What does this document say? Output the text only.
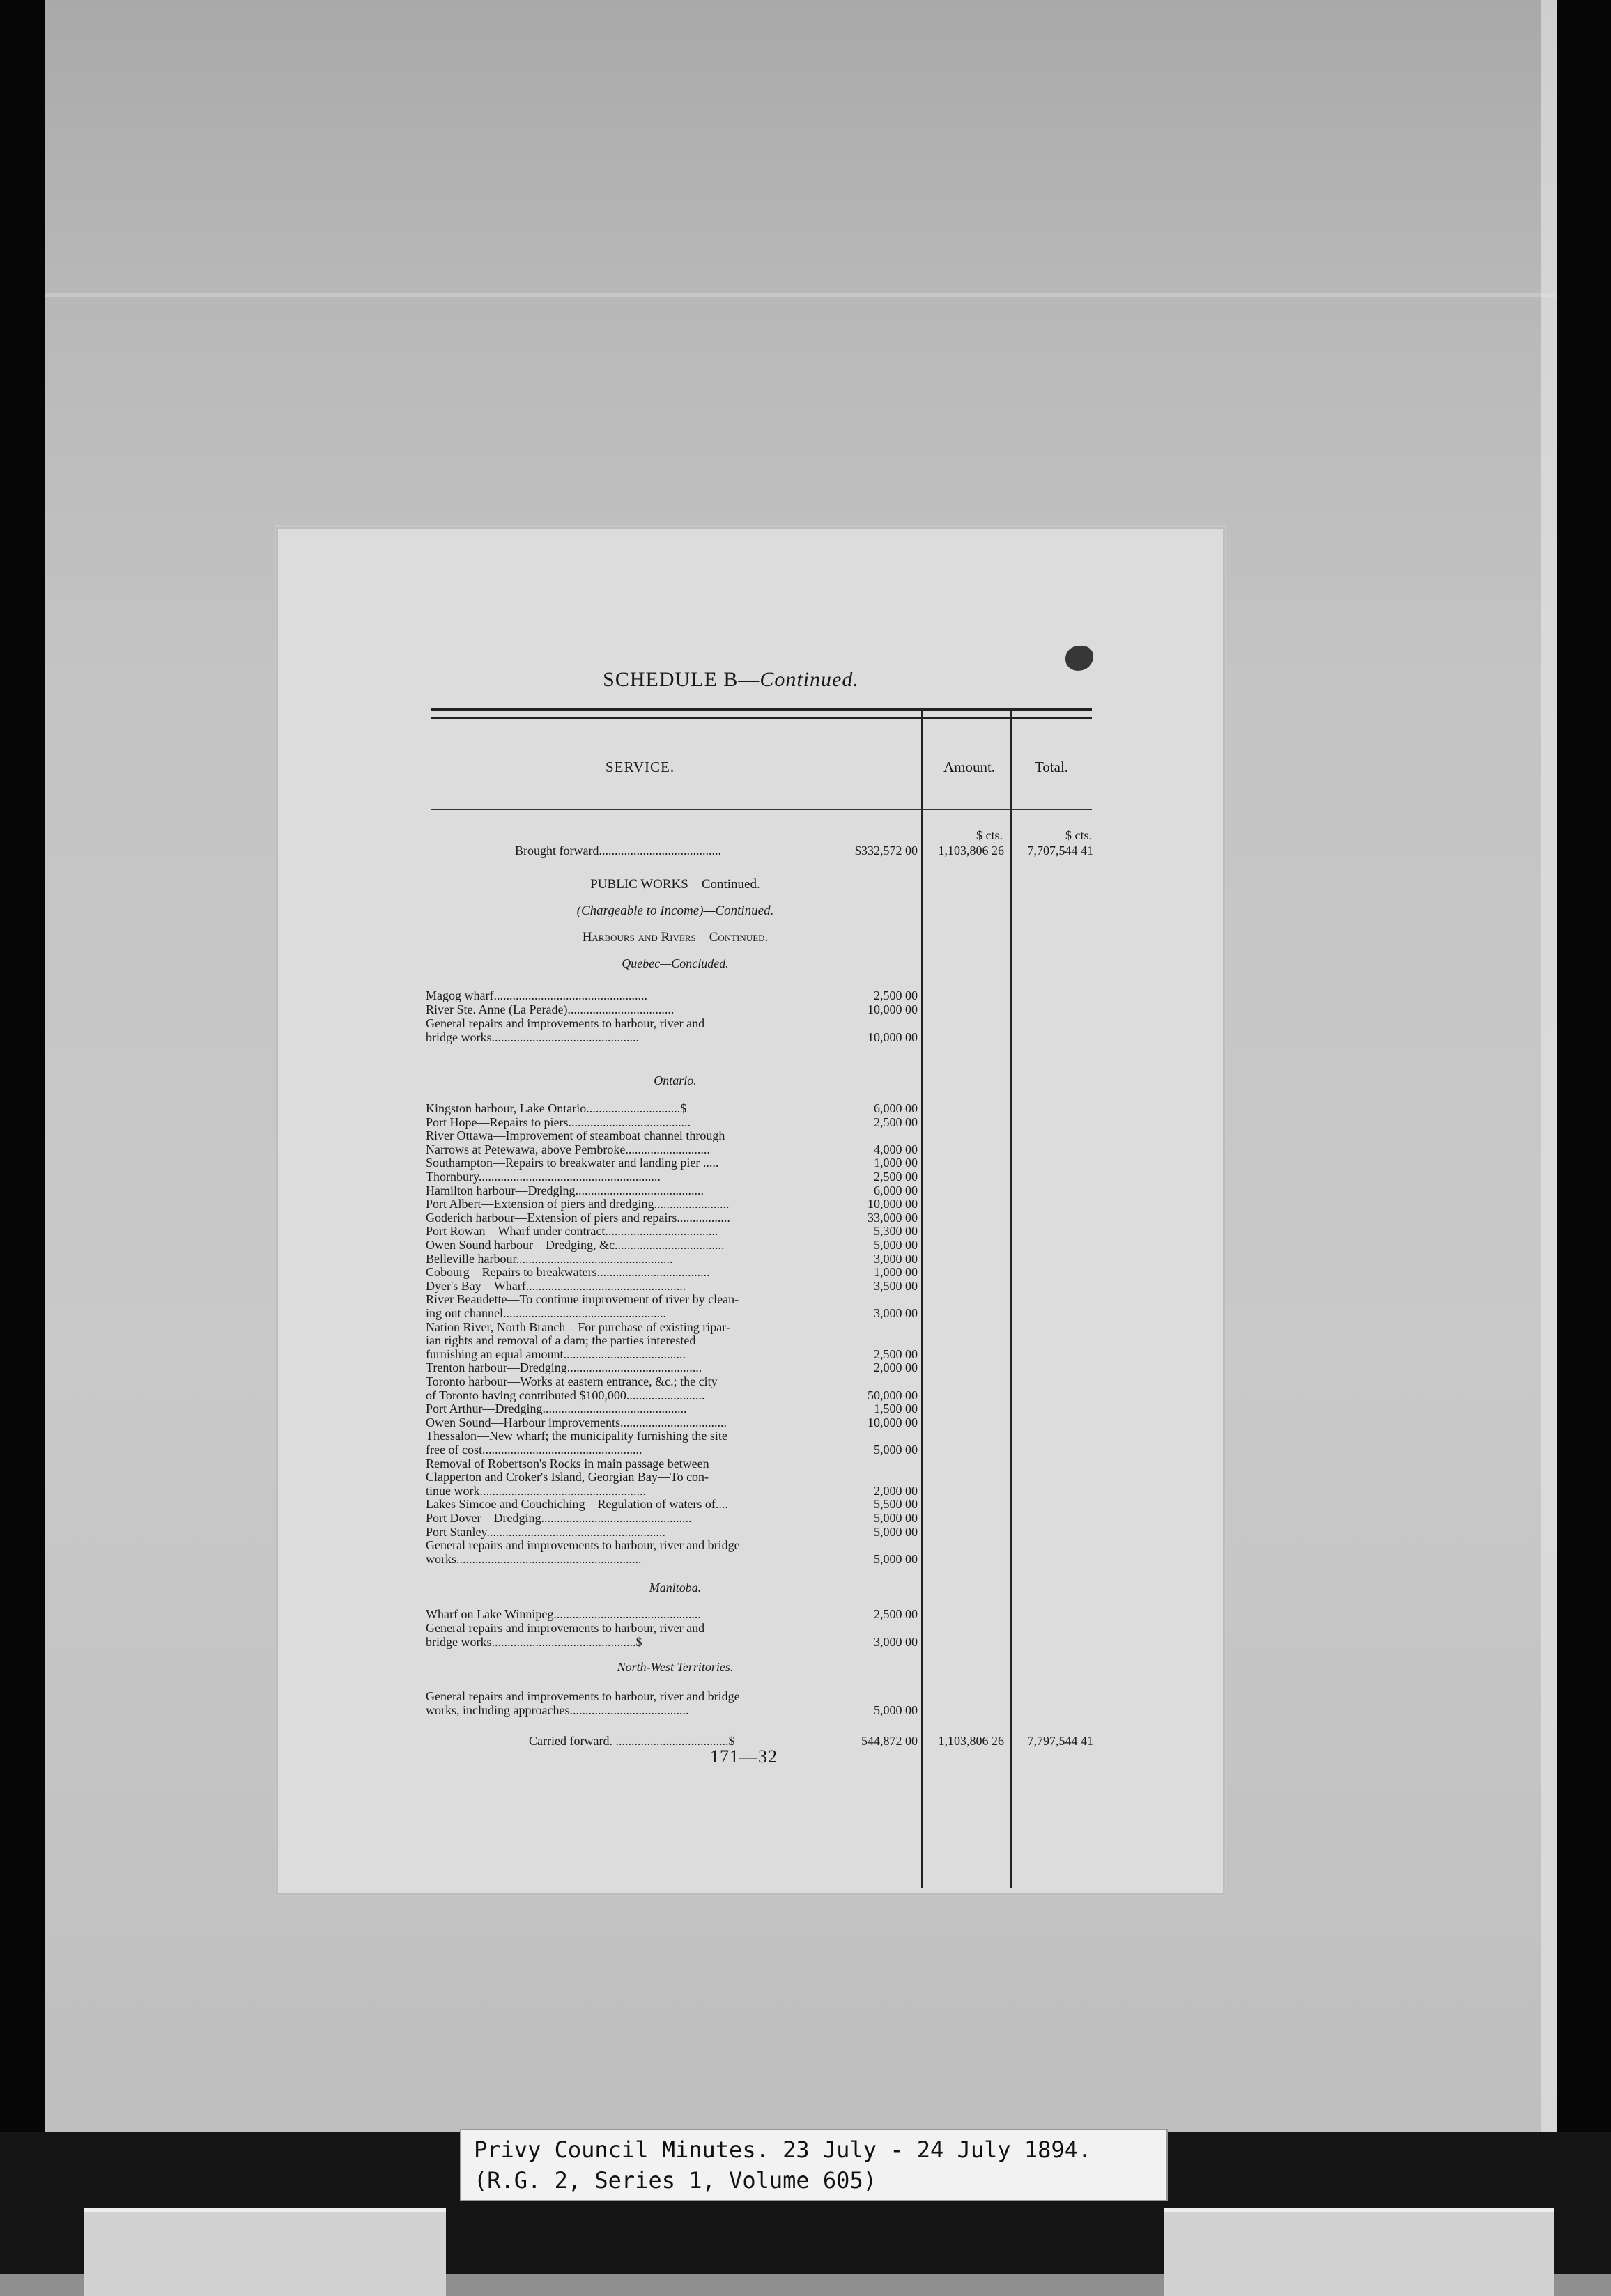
SCHEDULE B—Continued.
SERVICE.	Amount.	Total.
$ cts.	$ cts.
Brought forward.......................................	$332,572 00	1,103,806 26	7,707,544 41
PUBLIC WORKS—Continued.
(Chargeable to Income)—Continued.
Harbours and Rivers—Continued.
Quebec—Concluded.
Magog wharf.................................................	2,500 00
River Ste. Anne (La Perade)..................................	10,000 00
General repairs and improvements to harbour, river and
bridge works...............................................	10,000 00
Ontario.
Kingston harbour, Lake Ontario..............................$	6,000 00
Port Hope—Repairs to piers.......................................	2,500 00
River Ottawa—Improvement of steamboat channel through
Narrows at Petewawa, above Pembroke...........................	4,000 00
Southampton—Repairs to breakwater and landing pier .....	1,000 00
Thornbury..........................................................	2,500 00
Hamilton harbour—Dredging.........................................	6,000 00
Port Albert—Extension of piers and dredging........................	10,000 00
Goderich harbour—Extension of piers and repairs.................	33,000 00
Port Rowan—Wharf under contract....................................	5,300 00
Owen Sound harbour—Dredging, &c...................................	5,000 00
Belleville harbour..................................................	3,000 00
Cobourg—Repairs to breakwaters....................................	1,000 00
Dyer's Bay—Wharf...................................................	3,500 00
River Beaudette—To continue improvement of river by clean-
ing out channel....................................................	3,000 00
Nation River, North Branch—For purchase of existing ripar-
ian rights and removal of a dam; the parties interested
furnishing an equal amount.......................................	2,500 00
Trenton harbour—Dredging...........................................	2,000 00
Toronto harbour—Works at eastern entrance, &c.; the city
of Toronto having contributed $100,000.........................	50,000 00
Port Arthur—Dredging..............................................	1,500 00
Owen Sound—Harbour improvements..................................	10,000 00
Thessalon—New wharf; the municipality furnishing the site
free of cost...................................................	5,000 00
Removal of Robertson's Rocks in main passage between
Clapperton and Croker's Island, Georgian Bay—To con-
tinue work.....................................................	2,000 00
Lakes Simcoe and Couchiching—Regulation of waters of....	5,500 00
Port Dover—Dredging................................................	5,000 00
Port Stanley.........................................................	5,000 00
General repairs and improvements to harbour, river and bridge
works...........................................................	5,000 00
Manitoba.
Wharf on Lake Winnipeg...............................................	2,500 00
General repairs and improvements to harbour, river and
bridge works..............................................$	3,000 00
North-West Territories.
General repairs and improvements to harbour, river and bridge
works, including approaches......................................	5,000 00
Carried forward. ....................................$	544,872 00	1,103,806 26	7,797,544 41
171—32
Privy Council Minutes. 23 July - 24 July 1894.
(R.G. 2, Series 1, Volume 605)
